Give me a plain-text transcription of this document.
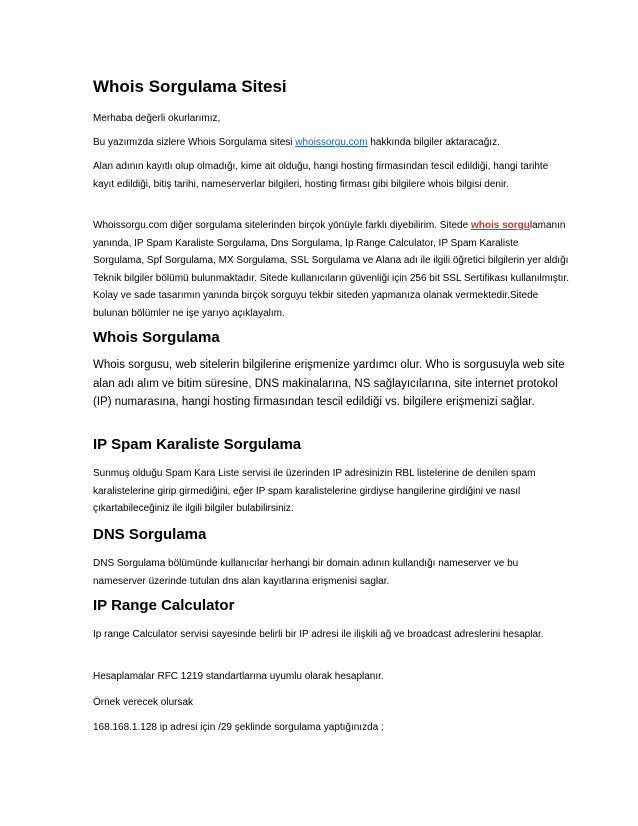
Whois Sorgulama Sitesi
Merhaba değerli okurlarımız,
Bu yazımızda sizlere Whois Sorgulama sitesi whoissorgu.com hakkında bilgiler aktaracağız.
Alan adının kayıtlı olup olmadığı, kime ait olduğu, hangi hosting firmasından tescil edildiği, hangi tarihte kayıt edildiği, bitiş tarihi, nameserverlar bilgileri, hosting firması gibi bilgilere whois bilgisi denir.
Whoissorgu.com diğer sorgulama sitelerinden birçok yönüyle farklı diyebilirim. Sitede whois sorgulamanın yanında, IP Spam Karaliste Sorgulama, Dns Sorgulama, Ip Range Calculator, IP Spam Karaliste Sorgulama, Spf Sorgulama, MX Sorgulama, SSL Sorgulama ve Alana adı ile ilgili öğretici bilgilerin yer aldığı Teknik bilgiler bölümü bulunmaktadır. Sitede kullanıcıların güvenliği için 256 bit SSL Sertifikası kullanılmıştır. Kolay ve sade tasarımın yanında birçok sorguyu tekbir siteden yapmanıza olanak vermektedir.Sitede bulunan bölümler ne işe yarıyo açıklayalım.
Whois Sorgulama
Whois sorgusu, web sitelerin bilgilerine erişmenize yardımcı olur. Who is sorgusuyla web site alan adı alım ve bitim süresine, DNS makinalarına, NS sağlayıcılarına, site internet protokol (IP) numarasına, hangi hosting firmasından tescil edildiği vs. bilgilere erişmenizi sağlar.
IP Spam Karaliste Sorgulama
Sunmuş olduğu Spam Kara Liste servisi ile üzerinden IP adresinizin RBL listelerine de denilen spam karalistelerine girip girmediğini, eğer IP spam karalistelerine girdiyse hangilerine girdiğini ve nasıl çıkartabileceğiniz ile ilgili bilgiler bulabilirsiniz.
DNS Sorgulama
DNS Sorgulama bölümünde kullanıcılar herhangi bir domain adının kullandığı nameserver ve bu nameserver üzerinde tutulan dns alan kayıtlarına erişmenisi saglar.
IP Range Calculator
Ip range Calculator servisi sayesinde belirli bir IP adresi ile ilişkili ağ ve broadcast adreslerini hesaplar.
Hesaplamalar RFC 1219 standartlarına uyumlu olarak hesaplanır.
Örnek verecek olursak
168.168.1.128 ip adresi için /29 şeklinde sorgulama yaptığınızda ;
